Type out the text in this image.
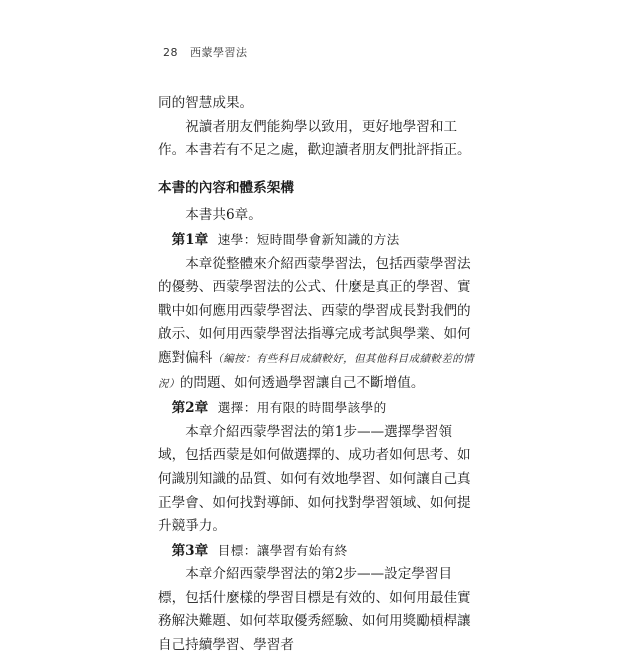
28 西蒙學習法

同的智慧成果。

祝讀者朋友們能夠學以致用，更好地學習和工作。本書若有不足之處，歡迎讀者朋友們批評指正。

本書的內容和體系架構

本書共6章。

第1章 速學：短時間學會新知識的方法

本章從整體來介紹西蒙學習法，包括西蒙學習法的優勢、西蒙學習法的公式、什麼是真正的學習、實戰中如何應用西蒙學習法、西蒙的學習成長對我們的啟示、如何用西蒙學習法指導完成考試與學業、如何應對偏科（編按：有些科目成績較好，但其他科目成績較差的情況）的問題、如何透過學習讓自己不斷增值。

第2章 選擇：用有限的時間學該學的

本章介紹西蒙學習法的第1步——選擇學習領域，包括西蒙是如何做選擇的、成功者如何思考、如何識別知識的品質、如何有效地學習、如何讓自己真正學會、如何找對導師、如何找對學習領域、如何提升競爭力。

第3章 目標：讓學習有始有終

本章介紹西蒙學習法的第2步——設定學習目標，包括什麼樣的學習目標是有效的、如何用最佳實務解決難題、如何萃取優秀經驗、如何用獎勵槓桿讓自己持續學習、學習者
